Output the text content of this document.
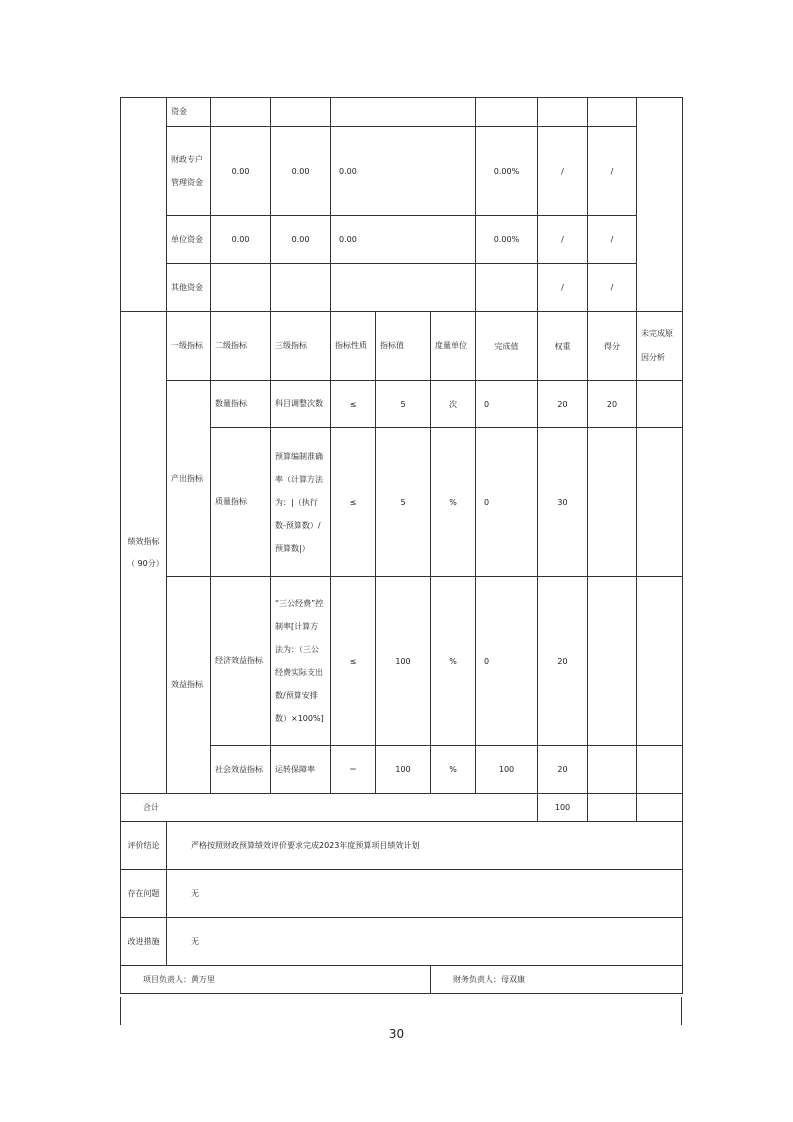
	资金									
	财政专户管理资金	0.00	0.00	0.00			0.00%	/	/	
	单位资金	0.00	0.00	0.00			0.00%	/	/	
	其他资金							/	/	
绩效指标（ 90分）	一级指标	二级指标	三级指标	指标性质	指标值	度量单位	完成值	权重	得分	未完成原因分析
	产出指标	数量指标	科目调整次数	≤	5	次	0	20	20	
		质量指标	预算编制准确率（计算方法为：|（执行数-预算数）/预算数|）	≤	5	%	0	30		
	效益指标	经济效益指标	“三公经费”控制率[计算方法为：（三公经费实际支出数/预算安排数）×100%]	≤	100	%	0	20		
		社会效益指标	运转保障率	＝	100	%	100	20		
合计								100		
评价结论	严格按照财政预算绩效评价要求完成2023年度预算项目绩效计划									
存在问题	无									
改进措施	无									
项目负责人：黄万里						财务负责人：母双康				
30
